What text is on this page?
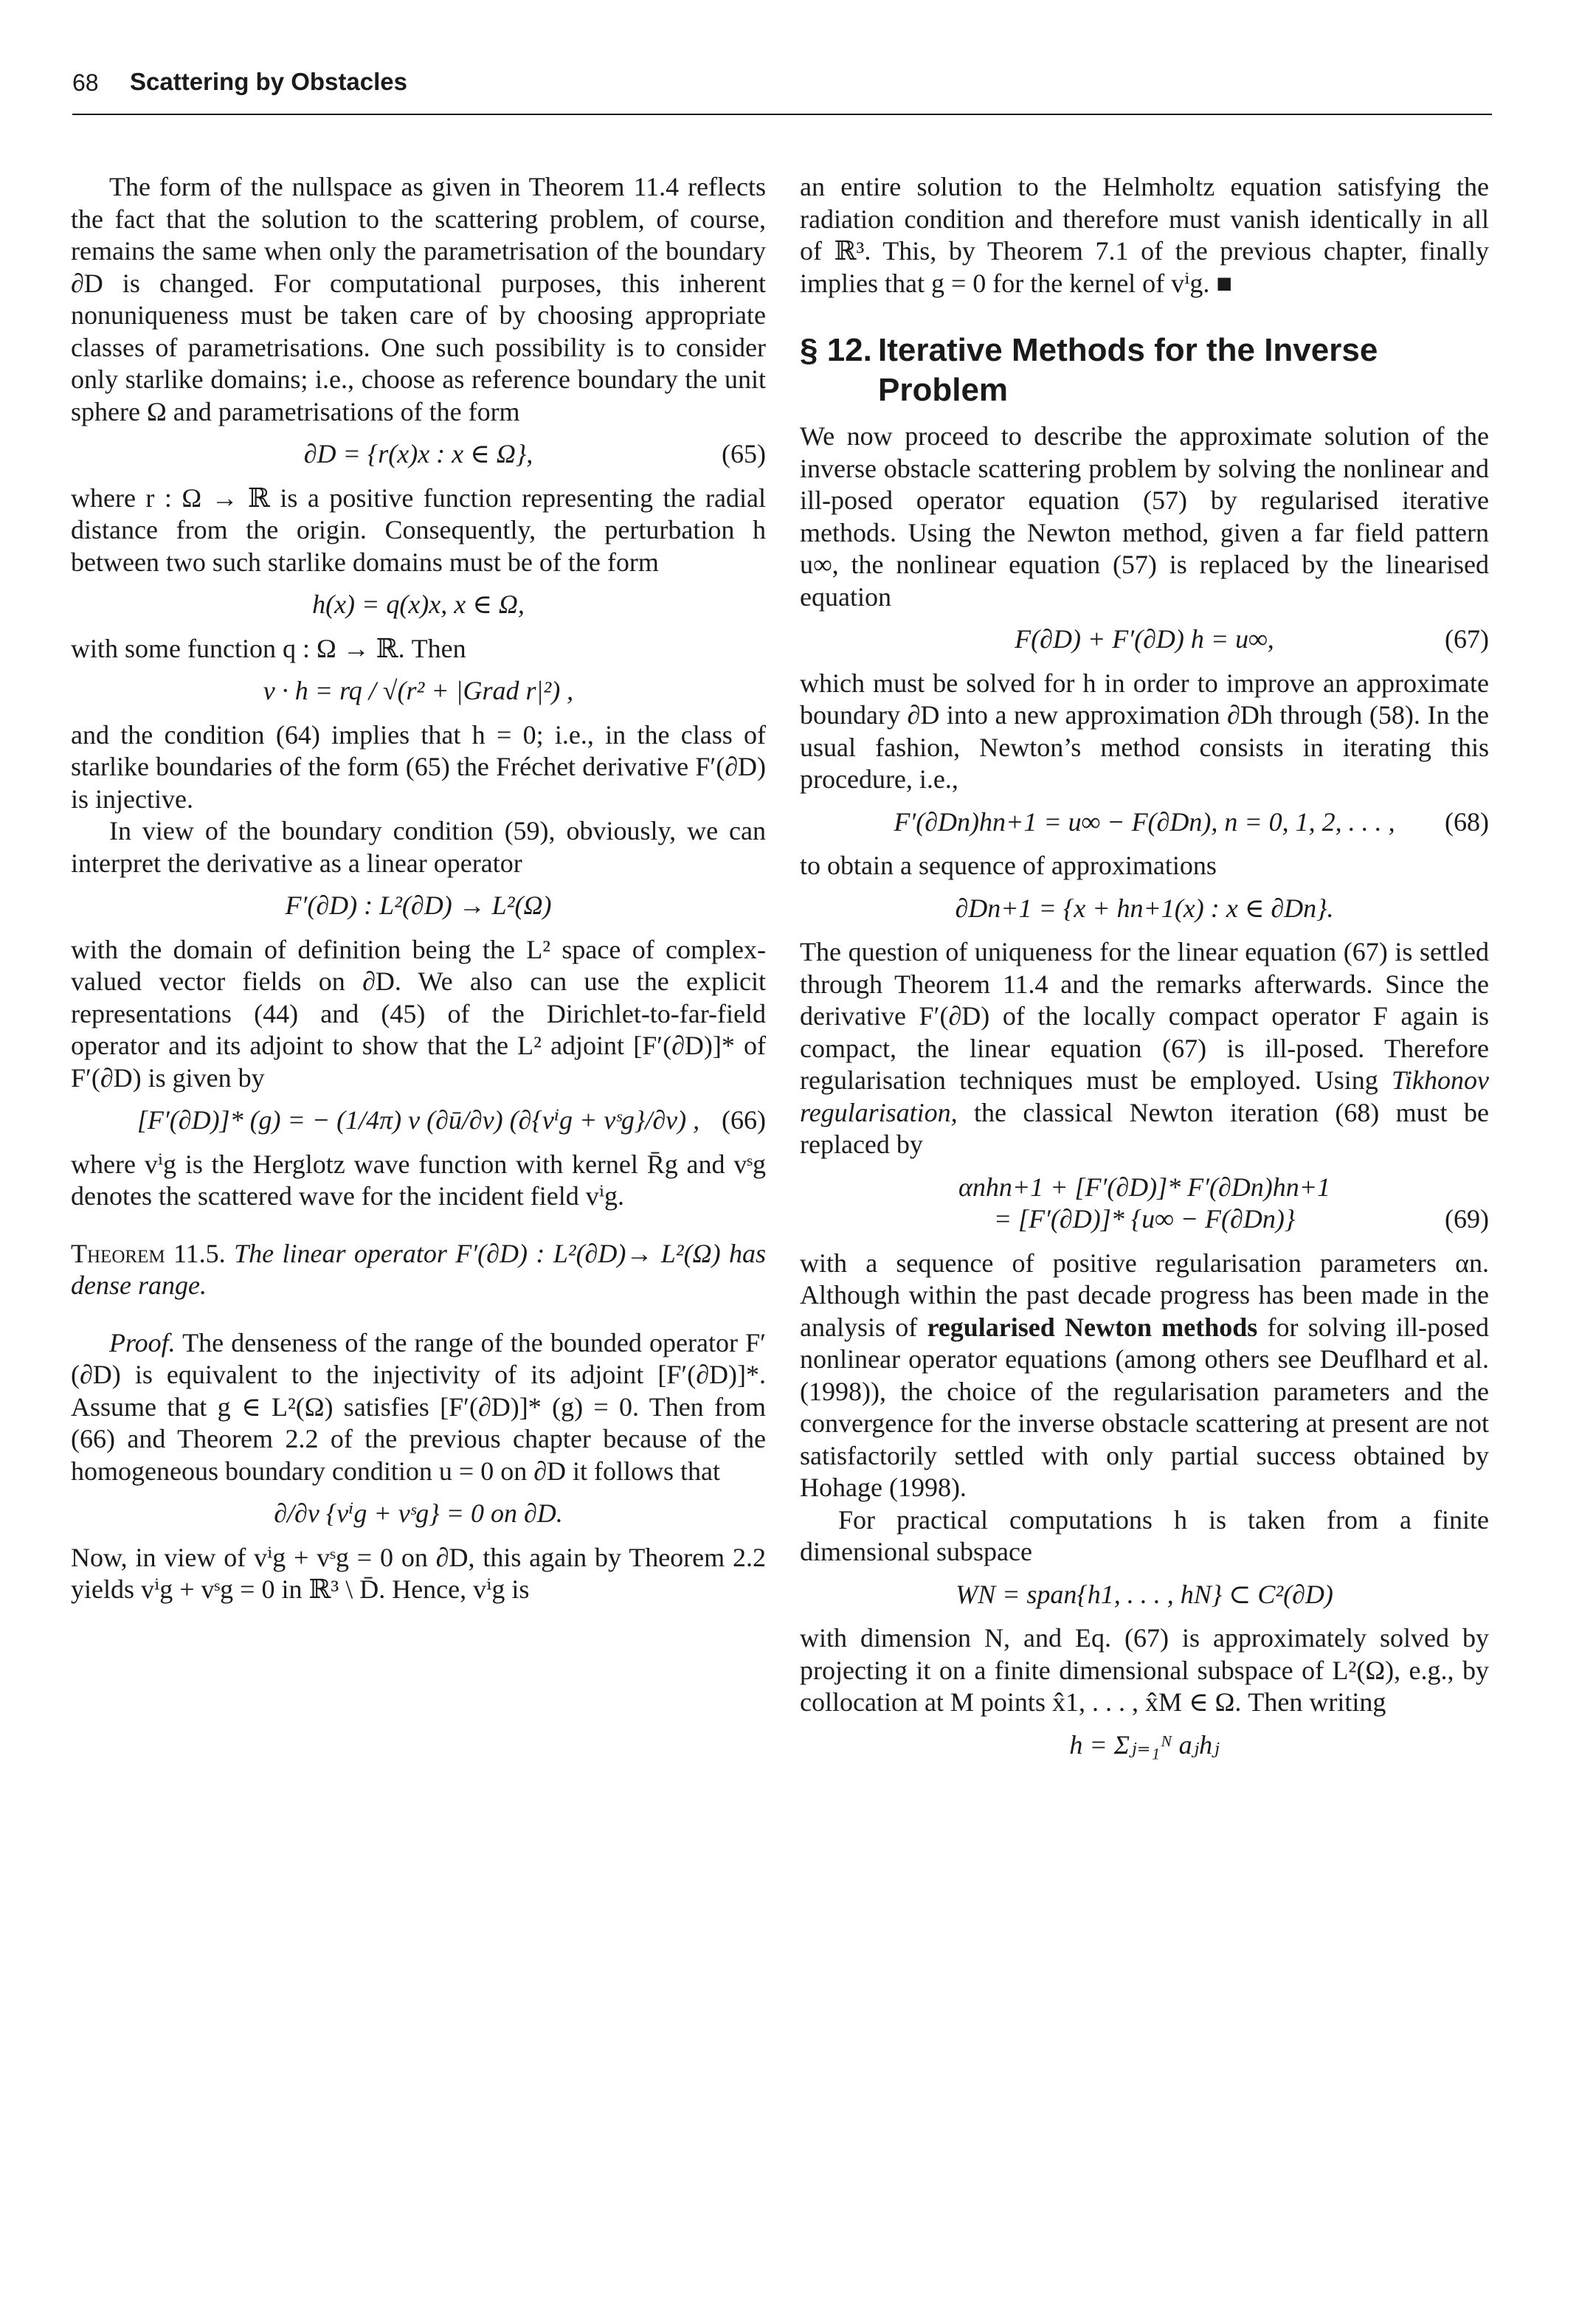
68 Scattering by Obstacles

The form of the nullspace as given in Theorem 11.4 reflects the fact that the solution to the scattering problem, of course, remains the same when only the parametrisation of the boundary ∂D is changed. For computational purposes, this inherent nonuniqueness must be taken care of by choosing appropriate classes of parametrisations. One such possibility is to consider only starlike domains; i.e., choose as reference boundary the unit sphere Ω and parametrisations of the form

∂D = {r(x)x : x ∈ Ω},	(65)

where r : Ω → ℝ is a positive function representing the radial distance from the origin. Consequently, the perturbation h between two such starlike domains must be of the form

h(x) = q(x)x, x ∈ Ω,

with some function q : Ω → ℝ. Then

ν · h = rq / √(r² + |Grad r|²) ,

and the condition (64) implies that h = 0; i.e., in the class of starlike boundaries of the form (65) the Fréchet derivative F′(∂D) is injective.

In view of the boundary condition (59), obviously, we can interpret the derivative as a linear operator

F′(∂D) : L²(∂D) → L²(Ω)

with the domain of definition being the L² space of complex-valued vector fields on ∂D. We also can use the explicit representations (44) and (45) of the Dirichlet-to-far-field operator and its adjoint to show that the L² adjoint [F′(∂D)]* of F′(∂D) is given by

[F′(∂D)]* (g) = − (1/4π) ν (∂ū/∂ν) (∂{vⁱg + vˢg}/∂ν) , (66)

where vⁱg is the Herglotz wave function with kernel R̄g and vˢg denotes the scattered wave for the incident field vⁱg.

Theorem 11.5. The linear operator F′(∂D) : L²(∂D)→ L²(Ω) has dense range.

Proof. The denseness of the range of the bounded operator F′(∂D) is equivalent to the injectivity of its adjoint [F′(∂D)]*. Assume that g ∈ L²(Ω) satisfies [F′(∂D)]* (g) = 0. Then from (66) and Theorem 2.2 of the previous chapter because of the homogeneous boundary condition u = 0 on ∂D it follows that

∂/∂ν {vⁱg + vˢg} = 0 on ∂D.

Now, in view of vⁱg + vˢg = 0 on ∂D, this again by Theorem 2.2 yields vⁱg + vˢg = 0 in ℝ³ \ D̄. Hence, vⁱg is

an entire solution to the Helmholtz equation satisfying the radiation condition and therefore must vanish identically in all of ℝ³. This, by Theorem 7.1 of the previous chapter, finally implies that g = 0 for the kernel of vⁱg. ■

§ 12. Iterative Methods for the Inverse Problem

We now proceed to describe the approximate solution of the inverse obstacle scattering problem by solving the nonlinear and ill-posed operator equation (57) by regularised iterative methods. Using the Newton method, given a far field pattern u∞, the nonlinear equation (57) is replaced by the linearised equation

F(∂D) + F′(∂D) h = u∞,	(67)

which must be solved for h in order to improve an approximate boundary ∂D into a new approximation ∂Dh through (58). In the usual fashion, Newton’s method consists in iterating this procedure, i.e.,

F′(∂Dn)hn+1 = u∞ − F(∂Dn), n = 0, 1, 2, . . . , (68)

to obtain a sequence of approximations

∂Dn+1 = {x + hn+1(x) : x ∈ ∂Dn}.

The question of uniqueness for the linear equation (67) is settled through Theorem 11.4 and the remarks afterwards. Since the derivative F′(∂D) of the locally compact operator F again is compact, the linear equation (67) is ill-posed. Therefore regularisation techniques must be employed. Using Tikhonov regularisation, the classical Newton iteration (68) must be replaced by

αnhn+1 + [F′(∂D)]* F′(∂Dn)hn+1
= [F′(∂D)]* {u∞ − F(∂Dn)}	(69)

with a sequence of positive regularisation parameters αn. Although within the past decade progress has been made in the analysis of regularised Newton methods for solving ill-posed nonlinear operator equations (among others see Deuflhard et al. (1998)), the choice of the regularisation parameters and the convergence for the inverse obstacle scattering at present are not satisfactorily settled with only partial success obtained by Hohage (1998).

For practical computations h is taken from a finite dimensional subspace

WN = span{h1, . . . , hN} ⊂ C²(∂D)

with dimension N, and Eq. (67) is approximately solved by projecting it on a finite dimensional subspace of L²(Ω), e.g., by collocation at M points x̂1, . . . , x̂M ∈ Ω. Then writing

h = Σⱼ₌₁ᴺ aⱼhⱼ
